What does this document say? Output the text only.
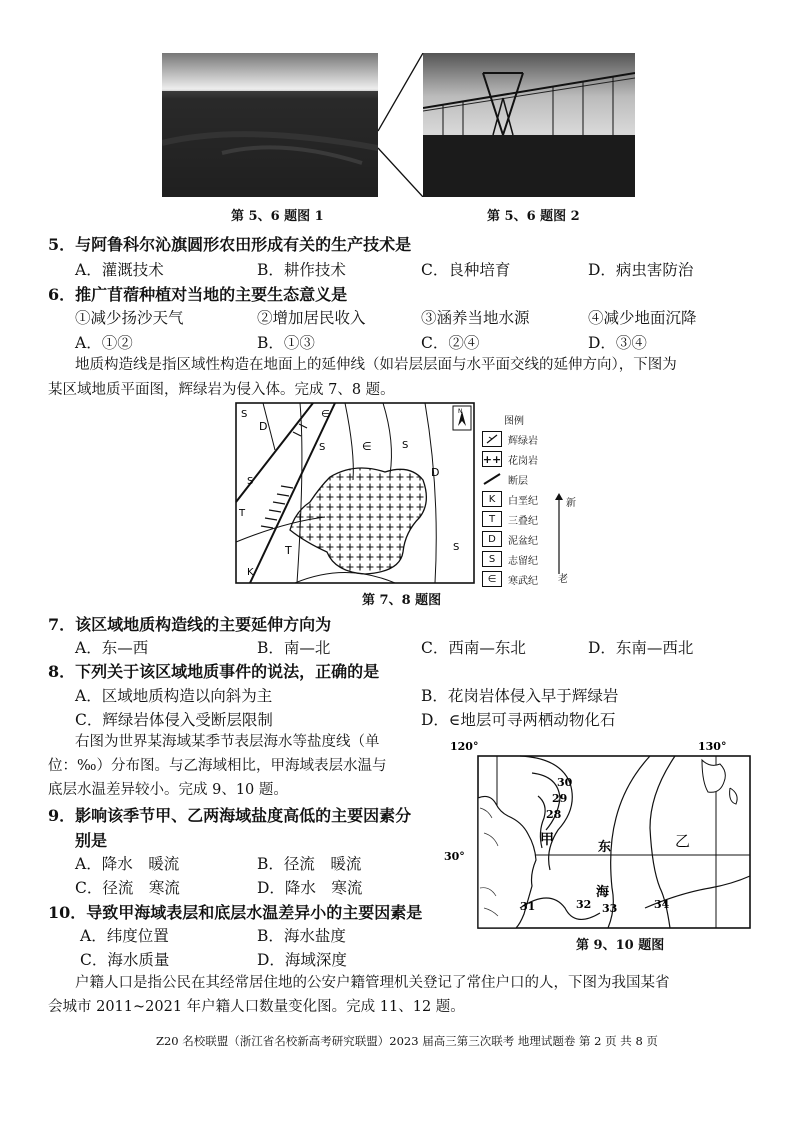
第 5、6 题图 1	第 5、6 题图 2
5．与阿鲁科尔沁旗圆形农田形成有关的生产技术是
A．灌溉技术	B．耕作技术	C．良种培育	D．病虫害防治
6．推广苜蓿种植对当地的主要生态意义是
①减少扬沙天气	②增加居民收入	③涵养当地水源	④减少地面沉降
A．①②	B．①③	C．②④	D．③④
地质构造线是指区域性构造在地面上的延伸线（如岩层层面与水平面交线的延伸方向），下图为
某区域地质平面图，辉绿岩为侵入体。完成 7、8 题。
S
D
∈
S	∈	S
D
S
T
T	S
K
N
图例
辉绿岩
++ 花岗岩
断层
K	白垩纪
T	三叠纪
D	泥盆纪
S	志留纪
∈	寒武纪
新
老
第 7、8 题图
7．该区域地质构造线的主要延伸方向为
A．东—西	B．南—北	C．西南—东北	D．东南—西北
8．下列关于该区域地质事件的说法，正确的是
A．区域地质构造以向斜为主	B．花岗岩体侵入早于辉绿岩
C．辉绿岩体侵入受断层限制	D．∈地层可寻两栖动物化石
右图为世界某海域某季节表层海水等盐度线（单
位：‰）分布图。与乙海域相比，甲海域表层水温与
底层水温差异较小。完成 9、10 题。
9．影响该季节甲、乙两海域盐度高低的主要因素分
别是
A．降水　暖流	B．径流　暖流
C．径流　寒流	D．降水　寒流
10．导致甲海域表层和底层水温差异小的主要因素是
A．纬度位置	B．海水盐度
C．海水质量	D．海域深度
120°	130°
30°
30
29
28
31	32 33	34
甲	东	乙
海
第 9、10 题图
户籍人口是指公民在其经常居住地的公安户籍管理机关登记了常住户口的人，下图为我国某省
会城市 2011~2021 年户籍人口数量变化图。完成 11、12 题。
Z20 名校联盟（浙江省名校新高考研究联盟）2023 届高三第三次联考 地理试题卷 第 2 页 共 8 页
